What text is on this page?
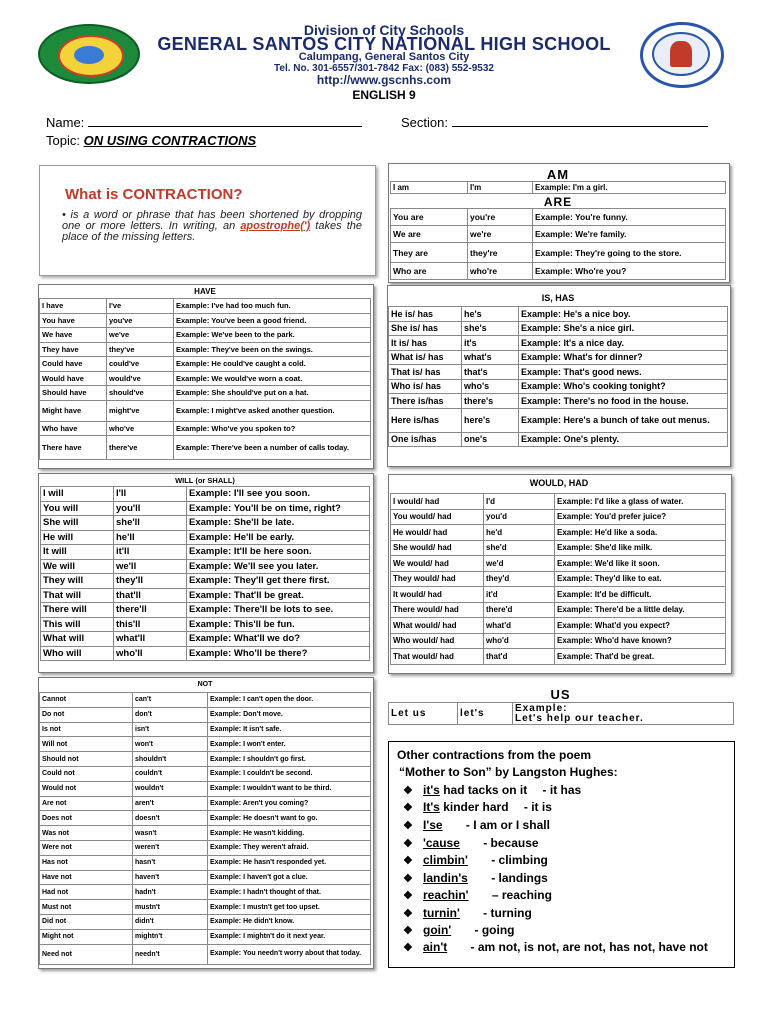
Division of City Schools
GENERAL SANTOS CITY NATIONAL HIGH SCHOOL
Calumpang, General Santos City
Tel. No. 301-6557/301-7842 Fax: (083) 552-9532
http://www.gscnhs.com
ENGLISH 9
Name:	Section:
Topic: ON USING CONTRACTIONS
What is CONTRACTION?
• is a word or phrase that has been shortened by dropping one or more letters. In writing, an apostrophe(') takes the place of the missing letters.
AM
I am	I'm	Example: I'm a girl.
ARE
You are	you're	Example: You're funny.
We are	we're	Example: We're family.
They are	they're	Example: They're going to the store.
Who are	who're	Example: Who're you?
HAVE
I have	I've	Example: I've had too much fun.
You have	you've	Example: You've been a good friend.
We have	we've	Example: We've been to the park.
They have	they've	Example: They've been on the swings.
Could have	could've	Example: He could've caught a cold.
Would have	would've	Example: We would've worn a coat.
Should have	should've	Example: She should've put on a hat.
Might have	might've	Example: I might've asked another question.
Who have	who've	Example: Who've you spoken to?
There have	there've	Example: There've been a number of calls today.
IS, HAS
He is/ has	he's	Example: He's a nice boy.
She is/ has	she's	Example: She's a nice girl.
It is/ has	it's	Example: It's a nice day.
What is/ has	what's	Example: What's for dinner?
That is/ has	that's	Example: That's good news.
Who is/ has	who's	Example: Who's cooking tonight?
There is/has	there's	Example: There's no food in the house.
Here is/has	here's	Example: Here's a bunch of take out menus.
One is/has	one's	Example: One's plenty.
WILL (or SHALL)
I will	I'll	Example: I'll see you soon.
You will	you'll	Example: You'll be on time, right?
She will	she'll	Example: She'll be late.
He will	he'll	Example: He'll be early.
It will	it'll	Example: It'll be here soon.
We will	we'll	Example: We'll see you later.
They will	they'll	Example: They'll get there first.
That will	that'll	Example: That'll be great.
There will	there'll	Example: There'll be lots to see.
This will	this'll	Example: This'll be fun.
What will	what'll	Example: What'll we do?
Who will	who'll	Example: Who'll be there?
WOULD, HAD
I would/ had	I'd	Example: I'd like a glass of water.
You would/ had	you'd	Example: You'd prefer juice?
He would/ had	he'd	Example: He'd like a soda.
She would/ had	she'd	Example: She'd like milk.
We would/ had	we'd	Example: We'd like it soon.
They would/ had	they'd	Example: They'd like to eat.
It would/ had	it'd	Example: It'd be difficult.
There would/ had	there'd	Example: There'd be a little delay.
What would/ had	what'd	Example: What'd you expect?
Who would/ had	who'd	Example: Who'd have known?
That would/ had	that'd	Example: That'd be great.
NOT
Cannot	can't	Example: I can't open the door.
Do not	don't	Example: Don't move.
Is not	isn't	Example: It isn't safe.
Will not	won't	Example: I won't enter.
Should not	shouldn't	Example: I shouldn't go first.
Could not	couldn't	Example: I couldn't be second.
Would not	wouldn't	Example: I wouldn't want to be third.
Are not	aren't	Example: Aren't you coming?
Does not	doesn't	Example: He doesn't want to go.
Was not	wasn't	Example: He wasn't kidding.
Were not	weren't	Example: They weren't afraid.
Has not	hasn't	Example: He hasn't responded yet.
Have not	haven't	Example: I haven't got a clue.
Had not	hadn't	Example: I hadn't thought of that.
Must not	mustn't	Example: I mustn't get too upset.
Did not	didn't	Example: He didn't know.
Might not	mightn't	Example: I mightn't do it next year.
Need not	needn't	Example: You needn't worry about that today.
US
Let us	let's	Example:
Let's help our teacher.
Other contractions from the poem
“Mother to Son” by Langston Hughes:
❖ it's had tacks on it - it has
❖ It's kinder hard - it is
❖ I'se - I am or I shall
❖ 'cause - because
❖ climbin' - climbing
❖ landin's - landings
❖ reachin' – reaching
❖ turnin' - turning
❖ goin' - going
❖ ain't - am not, is not, are not, has not, have not
